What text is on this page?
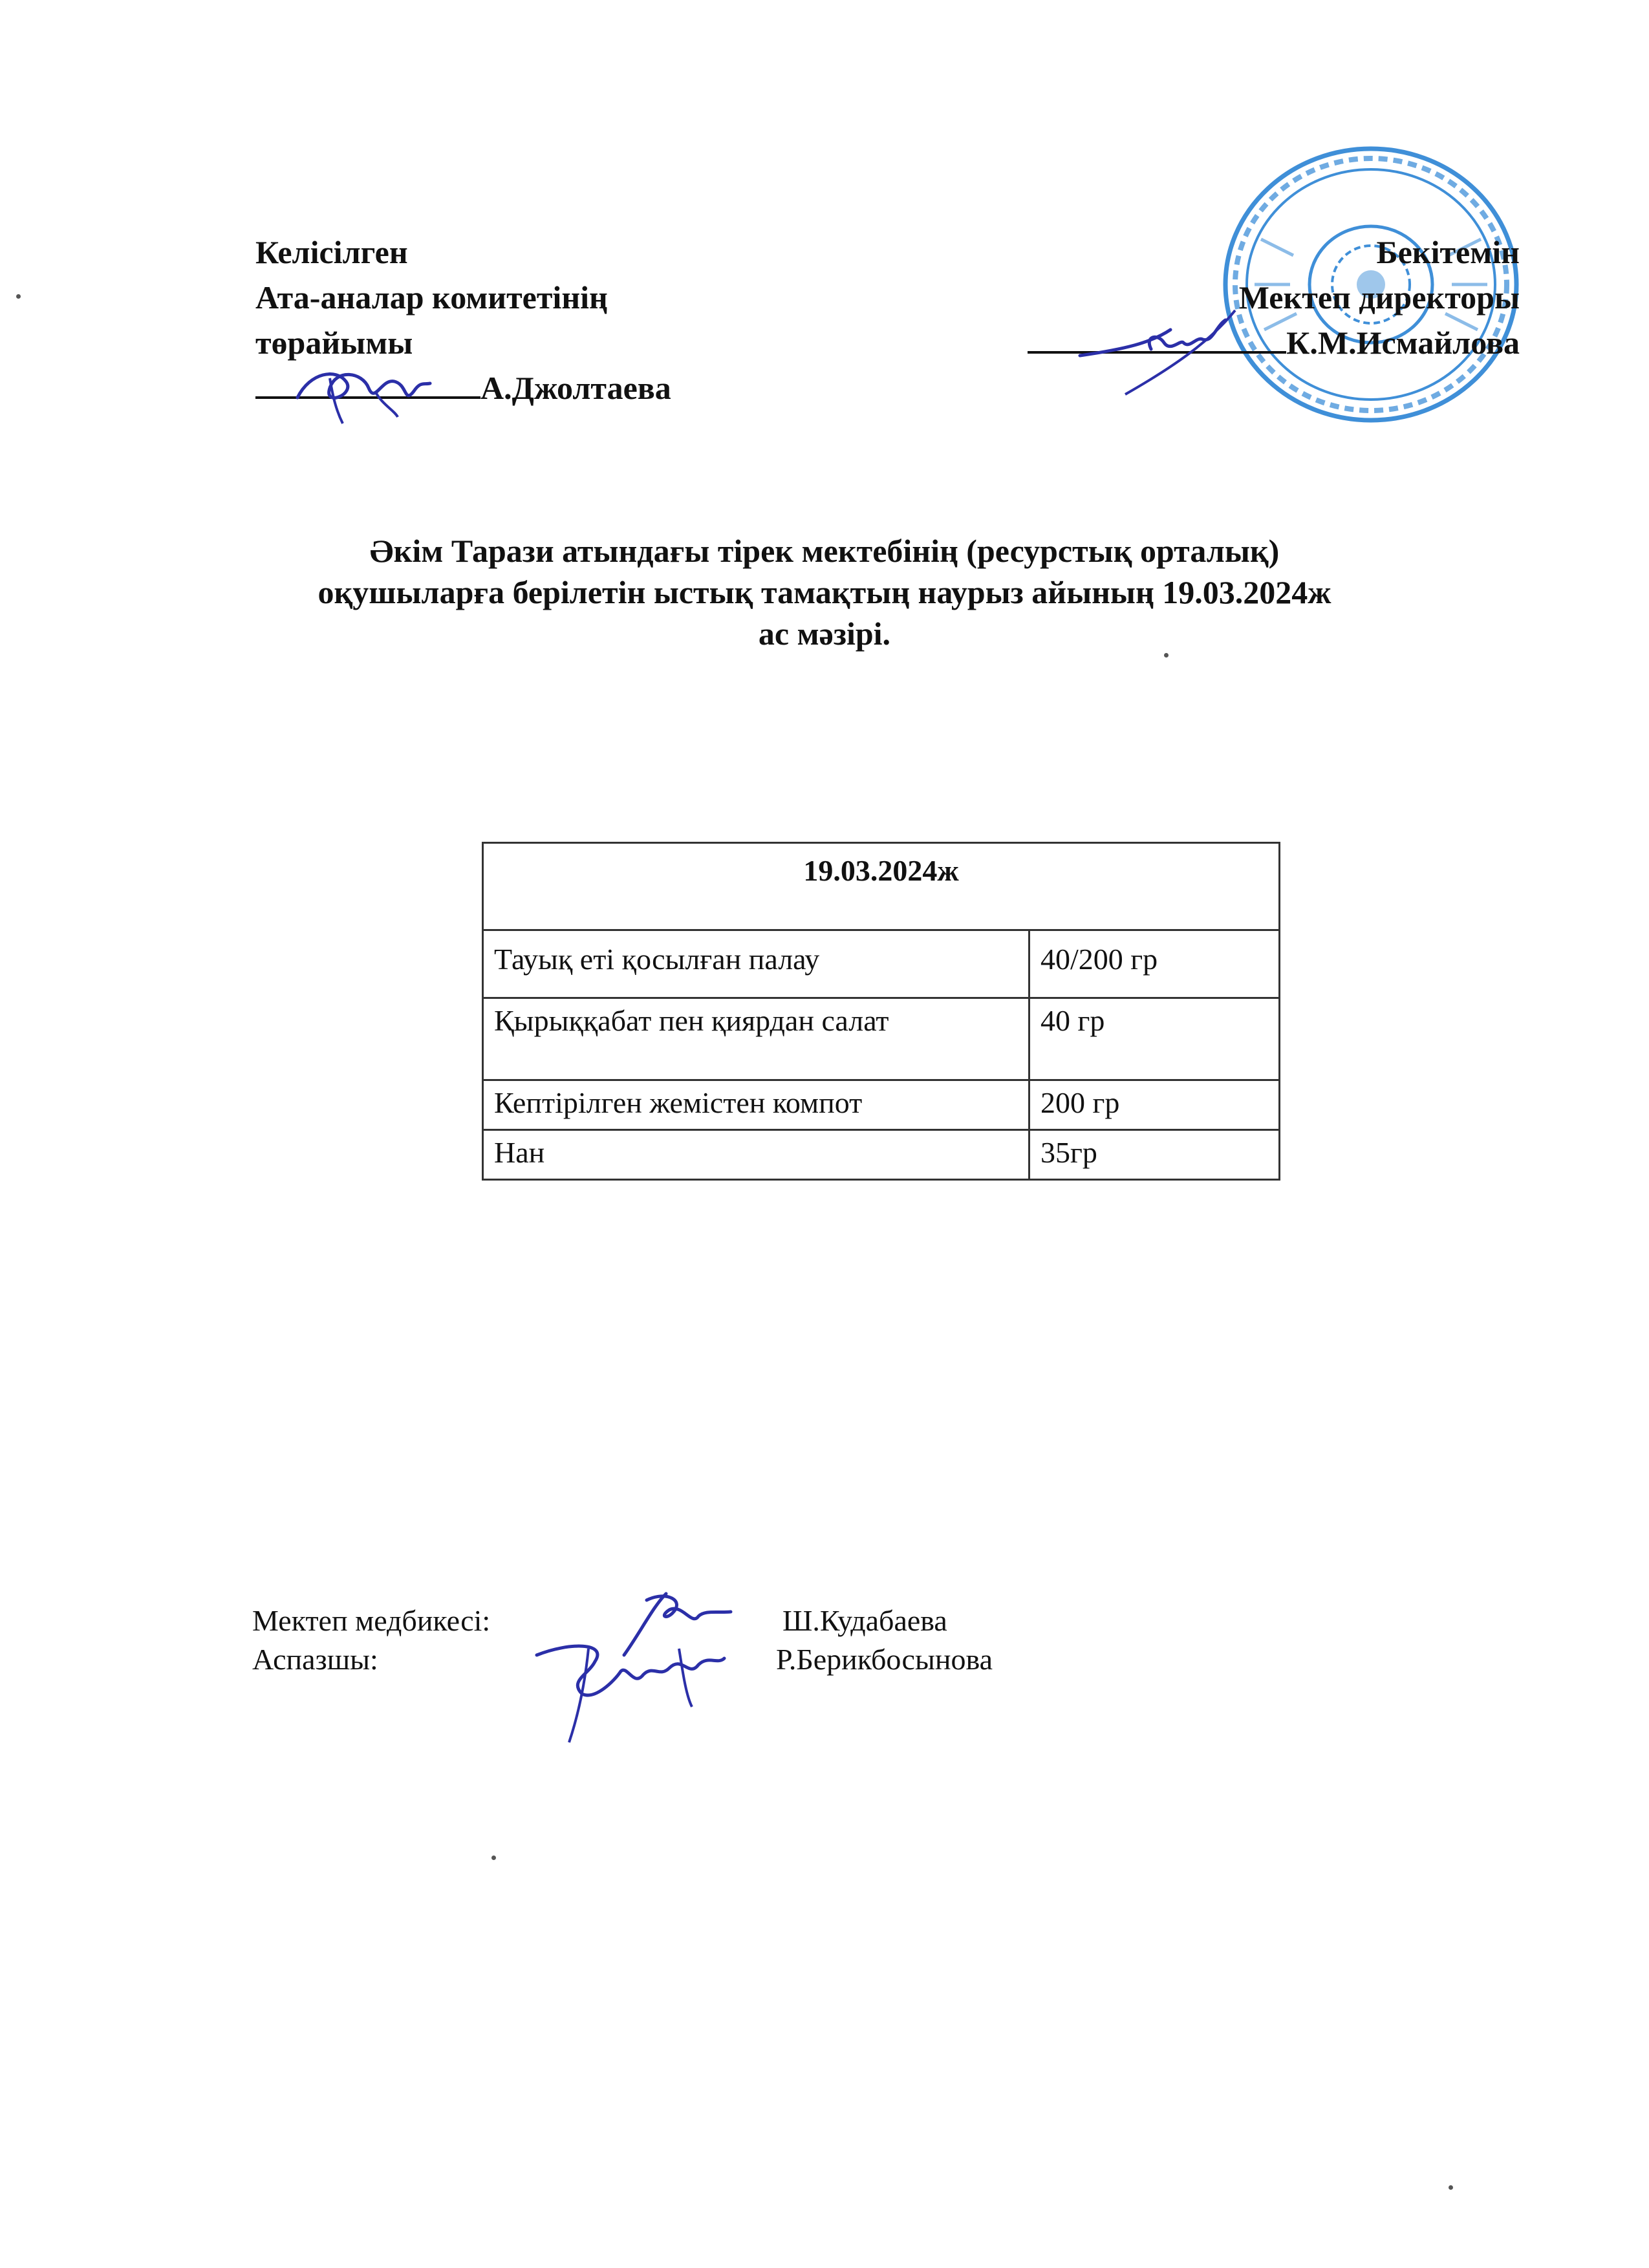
Келісілген
Ата-аналар комитетінің
төрайымы
А.Джолтаева
Бекітемін
Мектеп директоры
К.М.Исмайлова
Әкім Тарази атындағы тірек мектебінің (ресурстық орталық)
оқушыларға берілетін ыстық тамақтың наурыз айының 19.03.2024ж
ас мәзірі.
19.03.2024ж	
Тауық еті қосылған палау	40/200 гр
Қырыққабат пен қиярдан салат	40 гр
Кептірілген жемістен компот	200 гр
Нан	35гр
Мектеп медбикесі:	Ш.Кудабаева
Аспазшы:	Р.Берикбосынова
